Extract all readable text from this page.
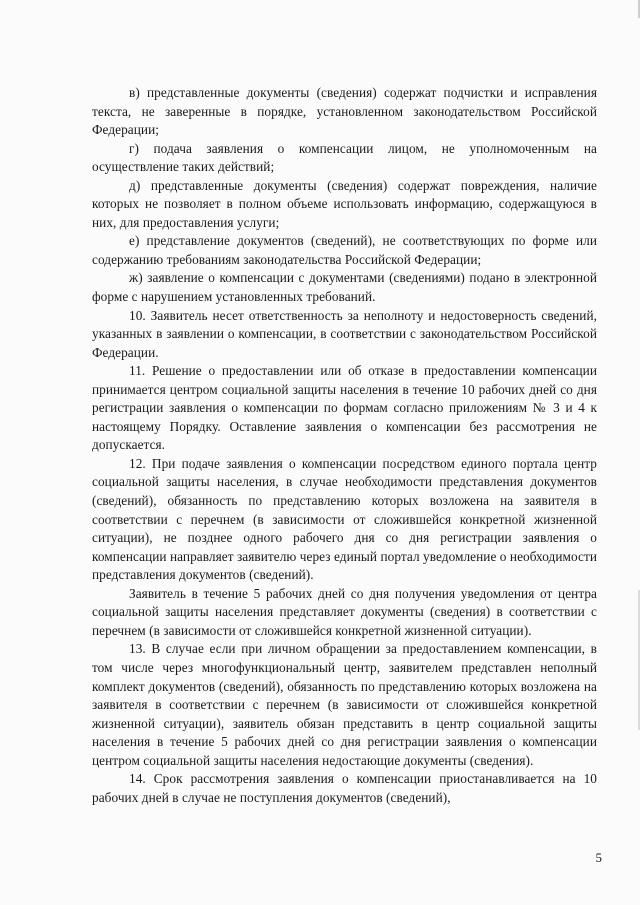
в) представленные документы (сведения) содержат подчистки и исправления текста, не заверенные в порядке, установленном законодательством Российской Федерации;

г) подача заявления о компенсации лицом, не уполномоченным на осуществление таких действий;

д) представленные документы (сведения) содержат повреждения, наличие которых не позволяет в полном объеме использовать информацию, содержащуюся в них, для предоставления услуги;

е) представление документов (сведений), не соответствующих по форме или содержанию требованиям законодательства Российской Федерации;

ж) заявление о компенсации с документами (сведениями) подано в электронной форме с нарушением установленных требований.

10. Заявитель несет ответственность за неполноту и недостоверность сведений, указанных в заявлении о компенсации, в соответствии с законодательством Российской Федерации.

11. Решение о предоставлении или об отказе в предоставлении компенсации принимается центром социальной защиты населения в течение 10 рабочих дней со дня регистрации заявления о компенсации по формам согласно приложениям № 3 и 4 к настоящему Порядку. Оставление заявления о компенсации без рассмотрения не допускается.

12. При подаче заявления о компенсации посредством единого портала центр социальной защиты населения, в случае необходимости представления документов (сведений), обязанность по представлению которых возложена на заявителя в соответствии с перечнем (в зависимости от сложившейся конкретной жизненной ситуации), не позднее одного рабочего дня со дня регистрации заявления о компенсации направляет заявителю через единый портал уведомление о необходимости представления документов (сведений).

Заявитель в течение 5 рабочих дней со дня получения уведомления от центра социальной защиты населения представляет документы (сведения) в соответствии с перечнем (в зависимости от сложившейся конкретной жизненной ситуации).

13. В случае если при личном обращении за предоставлением компенсации, в том числе через многофункциональный центр, заявителем представлен неполный комплект документов (сведений), обязанность по представлению которых возложена на заявителя в соответствии с перечнем (в зависимости от сложившейся конкретной жизненной ситуации), заявитель обязан представить в центр социальной защиты населения в течение 5 рабочих дней со дня регистрации заявления о компенсации центром социальной защиты населения недостающие документы (сведения).

14. Срок рассмотрения заявления о компенсации приостанавливается на 10 рабочих дней в случае не поступления документов (сведений),

5
